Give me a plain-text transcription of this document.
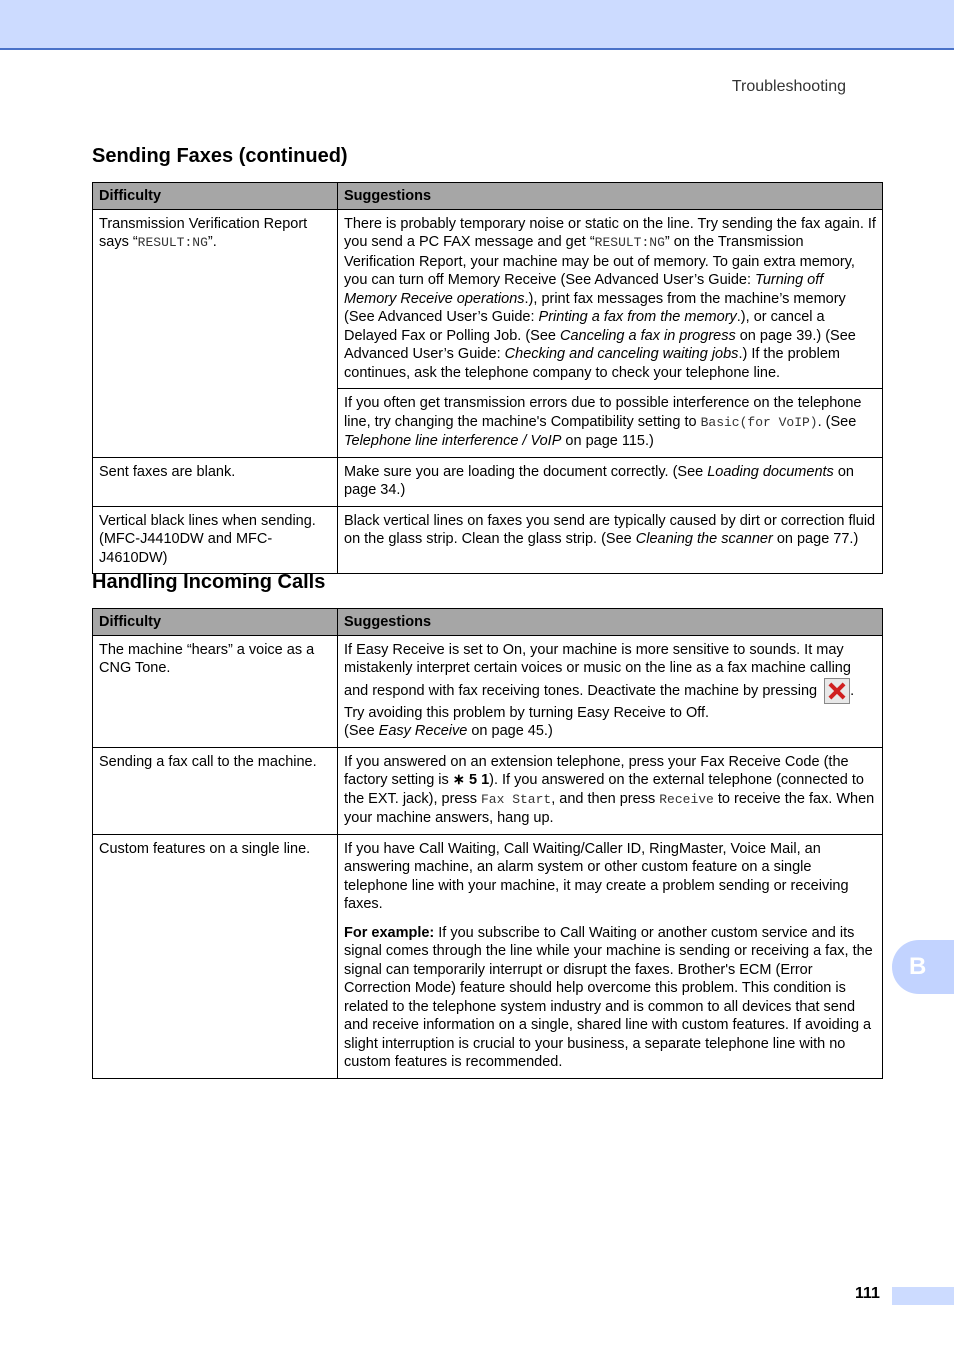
Troubleshooting
Sending Faxes (continued)
Difficulty	Suggestions
Transmission Verification Report says “RESULT:NG”.	There is probably temporary noise or static on the line. Try sending the fax again. If you send a PC FAX message and get “RESULT:NG” on the Transmission Verification Report, your machine may be out of memory. To gain extra memory, you can turn off Memory Receive (See Advanced User’s Guide: Turning off Memory Receive operations.), print fax messages from the machine’s memory (See Advanced User’s Guide: Printing a fax from the memory.), or cancel a Delayed Fax or Polling Job. (See Canceling a fax in progress on page 39.) (See Advanced User’s Guide: Checking and canceling waiting jobs.) If the problem continues, ask the telephone company to check your telephone line.
	If you often get transmission errors due to possible interference on the telephone line, try changing the machine's Compatibility setting to Basic(for VoIP). (See Telephone line interference / VoIP on page 115.)
Sent faxes are blank.	Make sure you are loading the document correctly. (See Loading documents on page 34.)

Vertical black lines when sending.
(MFC-J4410DW and MFC-J4610DW)	Black vertical lines on faxes you send are typically caused by dirt or correction fluid on the glass strip. Clean the glass strip. (See Cleaning the scanner on page 77.)
Handling Incoming Calls
Difficulty	Suggestions
The machine “hears” a voice as a CNG Tone.	If Easy Receive is set to On, your machine is more sensitive to sounds. It may mistakenly interpret certain voices or music on the line as a fax machine calling and respond with fax receiving tones. Deactivate the machine by pressing .
Try avoiding this problem by turning Easy Receive to Off.
(See Easy Receive on page 45.)

Sending a fax call to the machine.	If you answered on an extension telephone, press your Fax Receive Code (the factory setting is ∗ 5 1). If you answered on the external telephone (connected to the EXT. jack), press Fax Start, and then press Receive to receive the fax. When your machine answers, hang up.
Custom features on a single line.	If you have Call Waiting, Call Waiting/Caller ID, RingMaster, Voice Mail, an answering machine, an alarm system or other custom feature on a single telephone line with your machine, it may create a problem sending or receiving faxes.
For example: If you subscribe to Call Waiting or another custom service and its signal comes through the line while your machine is sending or receiving a fax, the signal can temporarily interrupt or disrupt the faxes. Brother's ECM (Error Correction Mode) feature should help overcome this problem. This condition is related to the telephone system industry and is common to all devices that send and receive information on a single, shared line with custom features. If avoiding a slight interruption is crucial to your business, a separate telephone line with no custom features is recommended.
B
111
